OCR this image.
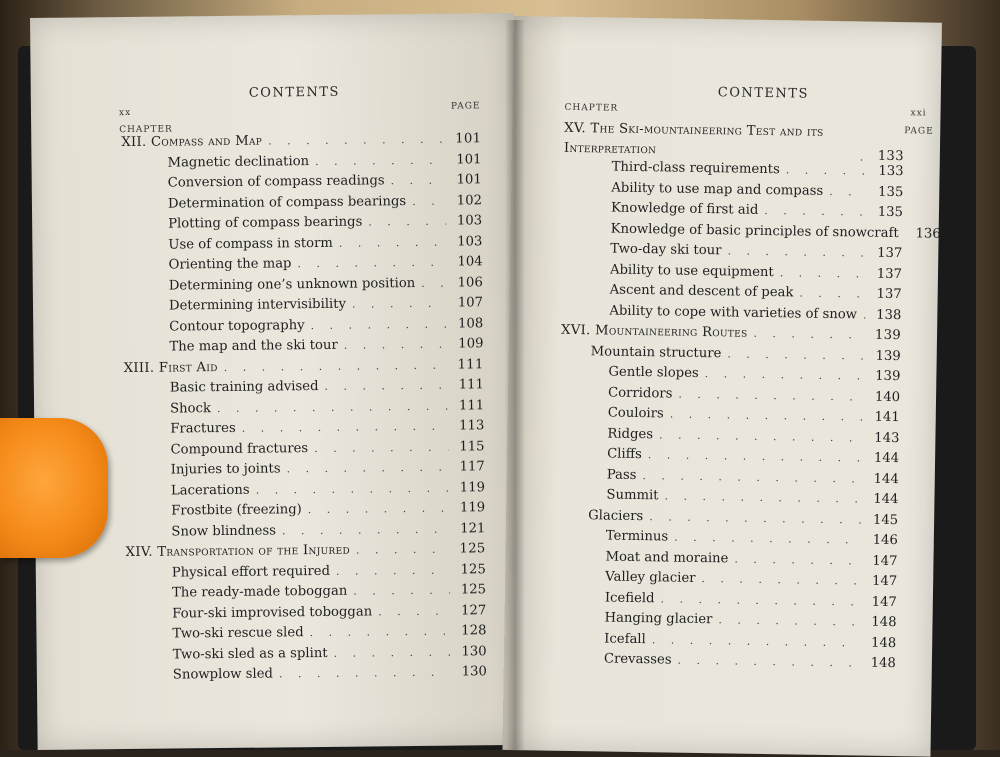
CONTENTS
xx
PAGE
CHAPTER
XII. Compass and Map . . .	101
Magnetic declination . . .	101
Conversion of compass readings . . .	101
Determination of compass bearings . . .	102
Plotting of compass bearings . . .	103
Use of compass in storm . . .	103
Orienting the map . . .	104
Determining one’s unknown position . . .	106
Determining intervisibility . . .	107
Contour topography . . .	108
The map and the ski tour . . .	109
XIII. First Aid . . .	111
Basic training advised . . .	111
Shock . . .	111
Fractures . . .	113
Compound fractures . . .	115
Injuries to joints . . .	117
Lacerations . . .	119
Frostbite (freezing) . . .	119
Snow blindness . . .	121
XIV. Transportation of the Injured . . .	125
Physical effort required . . .	125
The ready-made toboggan . . .	125
Four-ski improvised toboggan . . .	127
Two-ski rescue sled . . .	128
Two-ski sled as a splint . . .	130
Snowplow sled . . .	130
CONTENTS
CHAPTER	xxi
PAGE
XV. The Ski-mountaineering Test and its Interpretation . . .	133
Third-class requirements . . .	133
Ability to use map and compass . . .	135
Knowledge of first aid . . .	135
Knowledge of basic principles of snowcraft . . .	136
Two-day ski tour . . .	137
Ability to use equipment . . .	137
Ascent and descent of peak . . .	137
Ability to cope with varieties of snow . . .	138
XVI. Mountaineering Routes . . .	139
Mountain structure . . .	139
Gentle slopes . . .	139
Corridors . . .	140
Couloirs . . .	141
Ridges . . .	143
Cliffs . . .	144
Pass . . .	144
Summit . . .	144
Glaciers . . .	145
Terminus . . .	146
Moat and moraine . . .	147
Valley glacier . . .	147
Icefield . . .	147
Hanging glacier . . .	148
Icefall . . .	148
Crevasses . . .	148
